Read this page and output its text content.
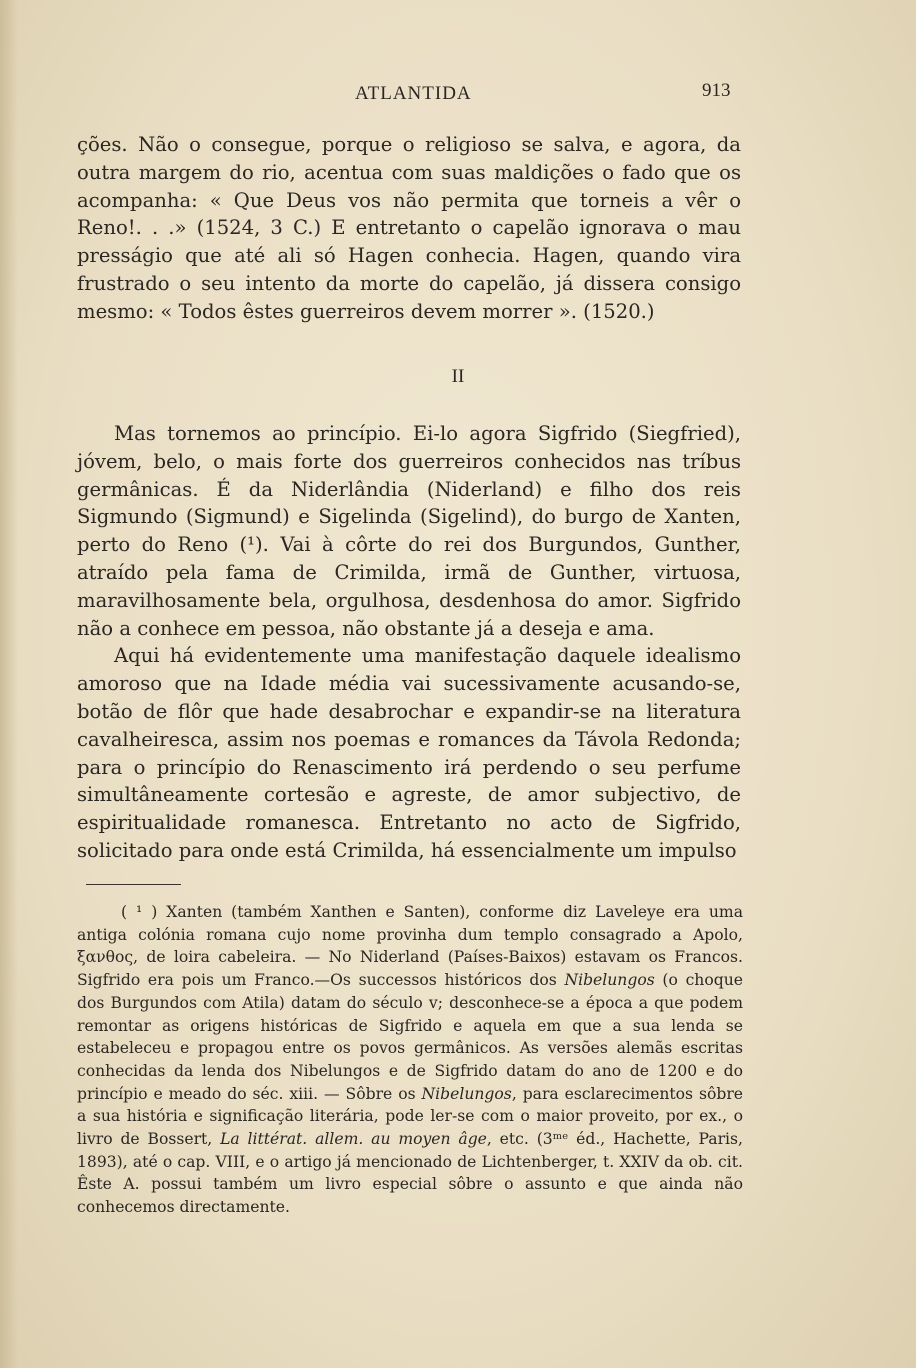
ATLANTIDA	913

ções. Não o consegue, porque o religioso se salva, e agora, da outra margem do rio, acentua com suas maldições o fado que os acompanha: « Que Deus vos não permita que torneis a vêr o Reno!. . .» (1524, 3 C.) E entretanto o capelão ignorava o mau presságio que até ali só Hagen conhecia. Hagen, quando vira frustrado o seu intento da morte do capelão, já dissera consigo mesmo: « Todos êstes guerreiros devem morrer ». (1520.)

II

Mas tornemos ao princípio. Ei-lo agora Sigfrido (Siegfried), jóvem, belo, o mais forte dos guerreiros conhecidos nas tríbus germânicas. É da Niderlândia (Niderland) e filho dos reis Sigmundo (Sigmund) e Sigelinda (Sigelind), do burgo de Xanten, perto do Reno (¹). Vai à côrte do rei dos Burgundos, Gunther, atraído pela fama de Crimilda, irmã de Gunther, virtuosa, maravilhosamente bela, orgulhosa, desdenhosa do amor. Sigfrido não a conhece em pessoa, não obstante já a deseja e ama.

Aqui há evidentemente uma manifestação daquele idealismo amoroso que na Idade média vai sucessivamente acusando-se, botão de flôr que hade desabrochar e expandir-se na literatura cavalheiresca, assim nos poemas e romances da Távola Redonda; para o princípio do Renascimento irá perdendo o seu perfume simultâneamente cortesão e agreste, de amor subjectivo, de espiritualidade romanesca. Entretanto no acto de Sigfrido, solicitado para onde está Crimilda, há essencialmente um impulso

( ¹ ) Xanten (também Xanthen e Santen), conforme diz Laveleye era uma antiga colónia romana cujo nome provinha dum templo consagrado a Apolo, ξανθος, de loira cabeleira. — No Niderland (Países-Baixos) estavam os Francos. Sigfrido era pois um Franco.—Os successos históricos dos Nibelungos (o choque dos Burgundos com Atila) datam do século v; desconhece-se a época a que podem remontar as origens históricas de Sigfrido e aquela em que a sua lenda se estabeleceu e propagou entre os povos germânicos. As versões alemãs escritas conhecidas da lenda dos Nibelungos e de Sigfrido datam do ano de 1200 e do princípio e meado do séc. xiii. — Sôbre os Nibelungos, para esclarecimentos sôbre a sua história e significação literária, pode ler-se com o maior proveito, por ex., o livro de Bossert, La littérat. allem. au moyen âge, etc. (3ᵐᵉ éd., Hachette, Paris, 1893), até o cap. VIII, e o artigo já mencionado de Lichtenberger, t. XXIV da ob. cit. Êste A. possui também um livro especial sôbre o assunto e que ainda não conhecemos directamente.
